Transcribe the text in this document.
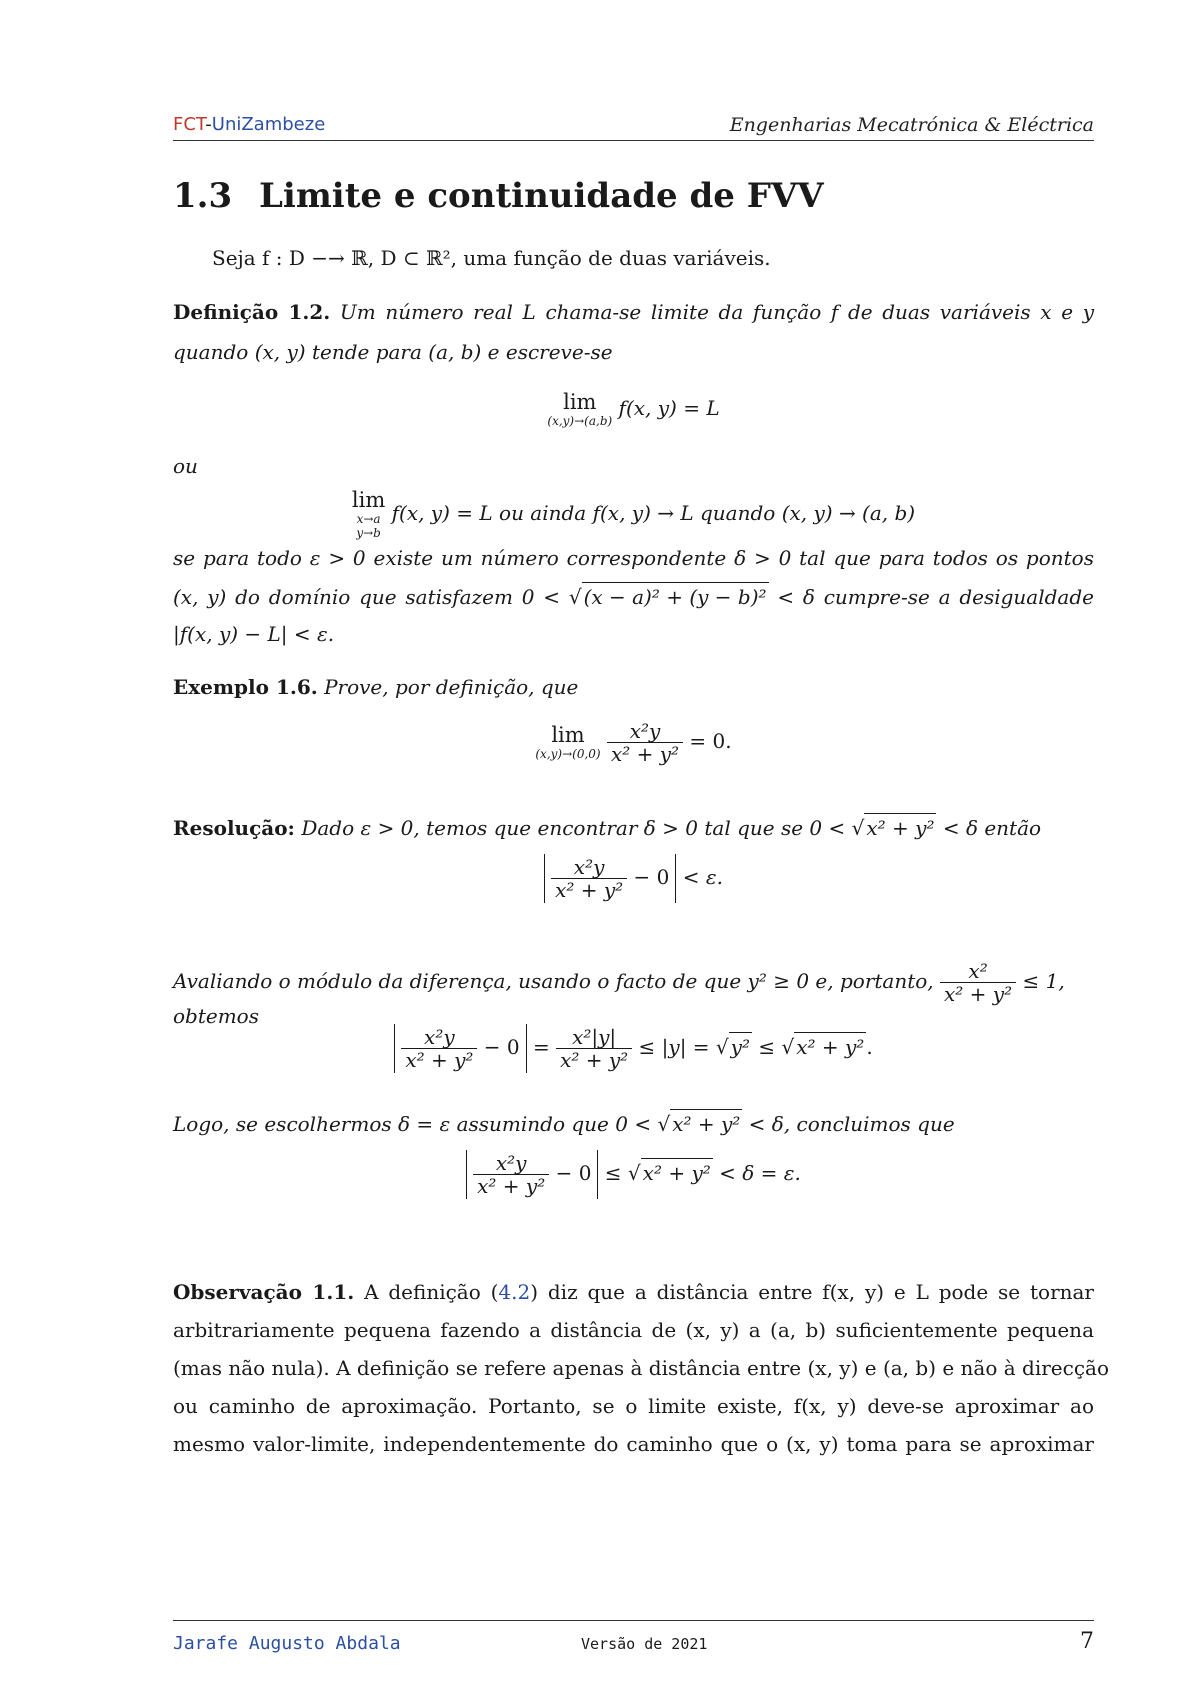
FCT-UniZambeze	Engenharias Mecatrónica & Eléctrica
1.3 Limite e continuidade de FVV
Seja f : D −→ ℝ, D ⊂ ℝ², uma função de duas variáveis.
Definição 1.2. Um número real L chama-se limite da função f de duas variáveis x e y
quando (x, y) tende para (a, b) e escreve-se
lim
(x,y)→(a,b)
f(x, y) = L
ou
lim
x→a
y→b
f(x, y) = L ou ainda f(x, y) → L quando (x, y) → (a, b)
se para todo ε > 0 existe um número correspondente δ > 0 tal que para todos os pontos
(x, y) do domínio que satisfazem 0 < √ (x − a)² + (y − b)² < δ cumpre-se a desigualdade
|f(x, y) − L| < ε.
Exemplo 1.6. Prove, por definição, que
lim
(x,y)→(0,0)
$\frac{\text{x²y}}{\text{x² + y²}} = 0$.
Resolução: Dado ε > 0, temos que encontrar δ > 0 tal que se 0 < √ x² + y² < δ então
$\frac{\text{x²y}}{\text{x² + y²}} - 0 < \varepsilon$.
Avaliando o módulo da diferença, usando o facto de que y² ≥ 0 e, portanto, $\frac{\text{x²}}{\text{x² + y²}} \le 1$,
obtemos
$\frac{\text{x²y}}{\text{x² + y²}} - 0 = \frac{\text{x²|y|}}{\text{x² + y²}} \le |y|$ = √ y² ≤ √ x² + y² .
Logo, se escolhermos δ = ε assumindo que 0 < √ x² + y² < δ, concluimos que
$\frac{\text{x²y}}{\text{x² + y²}} - 0$ ≤ √ x² + y² < δ = ε.
Observação 1.1. A definição (4.2) diz que a distância entre f(x, y) e L pode se tornar
arbitrariamente pequena fazendo a distância de (x, y) a (a, b) suficientemente pequena
(mas não nula). A definição se refere apenas à distância entre (x, y) e (a, b) e não à direcção
ou caminho de aproximação. Portanto, se o limite existe, f(x, y) deve-se aproximar ao
mesmo valor-limite, independentemente do caminho que o (x, y) toma para se aproximar
Jarafe Augusto Abdala	Versão de 2021	7
